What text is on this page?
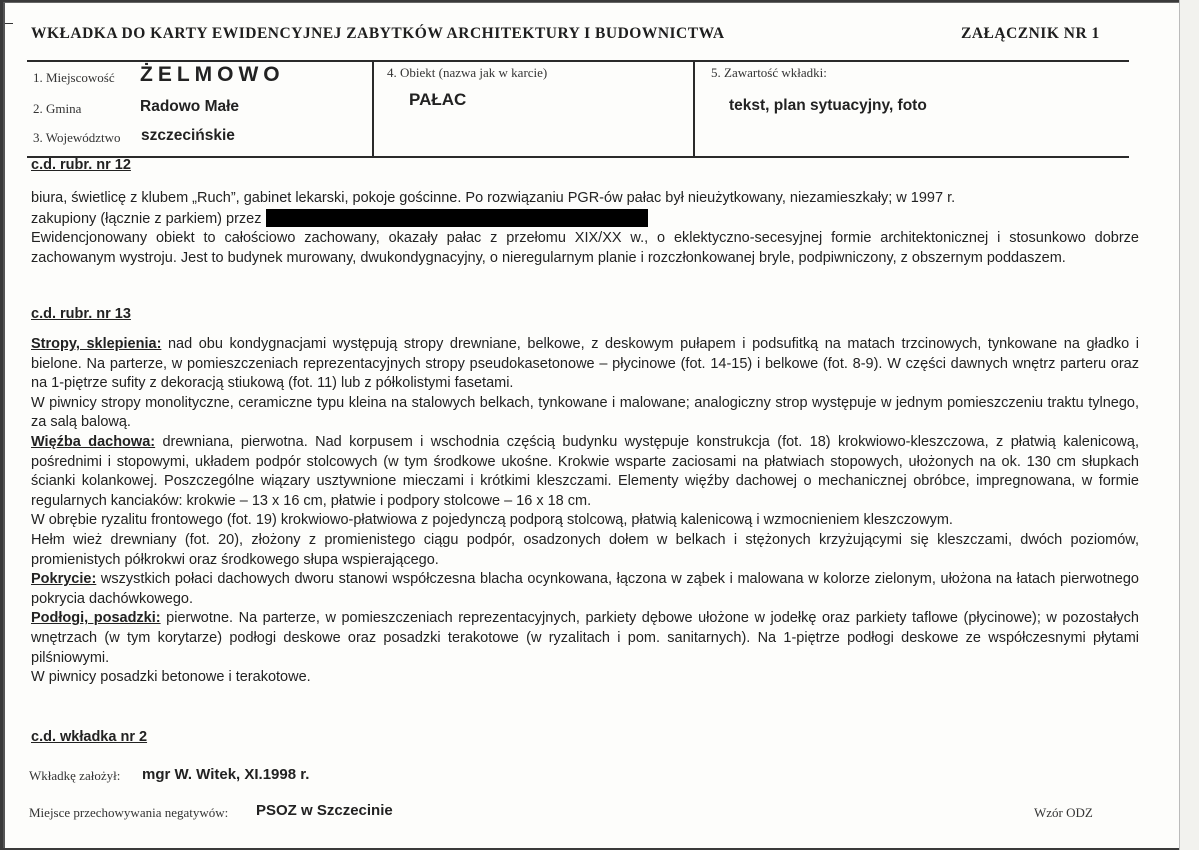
WKŁADKA DO KARTY EWIDENCYJNEJ ZABYTKÓW ARCHITEKTURY I BUDOWNICTWA	ZAŁĄCZNIK NR 1
1. Miejscowość ŻELMOWO
2. Gmina	Radowo Małe
3. Województwo szczecińskie
4. Obiekt (nazwa jak w karcie)
PAŁAC
5. Zawartość wkładki:
tekst, plan sytuacyjny, foto
c.d. rubr. nr 12

biura, świetlicę z klubem „Ruch”, gabinet lekarski, pokoje gościnne. Po rozwiązaniu PGR-ów pałac był nieużytkowany, niezamieszkały; w 1997 r.

zakupiony (łącznie z parkiem) przez

Ewidencjonowany obiekt to całościowo zachowany, okazały pałac z przełomu XIX/XX w., o eklektyczno-secesyjnej formie architektonicznej i stosunkowo dobrze zachowanym wystroju. Jest to budynek murowany, dwukondygnacyjny, o nieregularnym planie i rozczłonkowanej bryle, podpiwniczony, z obszernym poddaszem.

c.d. rubr. nr 13

Stropy, sklepienia: nad obu kondygnacjami występują stropy drewniane, belkowe, z deskowym pułapem i podsufitką na matach trzcinowych, tynkowane na gładko i bielone. Na parterze, w pomieszczeniach reprezentacyjnych stropy pseudokasetonowe – płycinowe (fot. 14-15) i belkowe (fot. 8-9). W części dawnych wnętrz parteru oraz na 1-piętrze sufity z dekoracją stiukową (fot. 11) lub z półkolistymi fasetami.

W piwnicy stropy monolityczne, ceramiczne typu kleina na stalowych belkach, tynkowane i malowane; analogiczny strop występuje w jednym pomieszczeniu traktu tylnego, za salą balową.

Więźba dachowa: drewniana, pierwotna. Nad korpusem i wschodnia częścią budynku występuje konstrukcja (fot. 18) krokwiowo-kleszczowa, z płatwią kalenicową, pośrednimi i stopowymi, układem podpór stolcowych (w tym środkowe ukośne. Krokwie wsparte zaciosami na płatwiach stopowych, ułożonych na ok. 130 cm słupkach ścianki kolankowej. Poszczególne wiązary usztywnione mieczami i krótkimi kleszczami. Elementy więźby dachowej o mechanicznej obróbce, impregnowana, w formie regularnych kanciaków: krokwie – 13 x 16 cm, płatwie i podpory stolcowe – 16 x 18 cm.

W obrębie ryzalitu frontowego (fot. 19) krokwiowo-płatwiowa z pojedynczą podporą stolcową, płatwią kalenicową i wzmocnieniem kleszczowym.

Hełm wież drewniany (fot. 20), złożony z promienistego ciągu podpór, osadzonych dołem w belkach i stężonych krzyżującymi się kleszczami, dwóch poziomów, promienistych półkrokwi oraz środkowego słupa wspierającego.

Pokrycie: wszystkich połaci dachowych dworu stanowi współczesna blacha ocynkowana, łączona w ząbek i malowana w kolorze zielonym, ułożona na łatach pierwotnego pokrycia dachówkowego.

Podłogi, posadzki: pierwotne. Na parterze, w pomieszczeniach reprezentacyjnych, parkiety dębowe ułożone w jodełkę oraz parkiety taflowe (płycinowe); w pozostałych wnętrzach (w tym korytarze) podłogi deskowe oraz posadzki terakotowe (w ryzalitach i pom. sanitarnych). Na 1-piętrze podłogi deskowe ze współczesnymi płytami pilśniowymi.

W piwnicy posadzki betonowe i terakotowe.

c.d. wkładka nr 2
Wkładkę założył: mgr W. Witek, XI.1998 r.
Miejsce przechowywania negatywów: PSOZ w Szczecinie	Wzór ODZ
